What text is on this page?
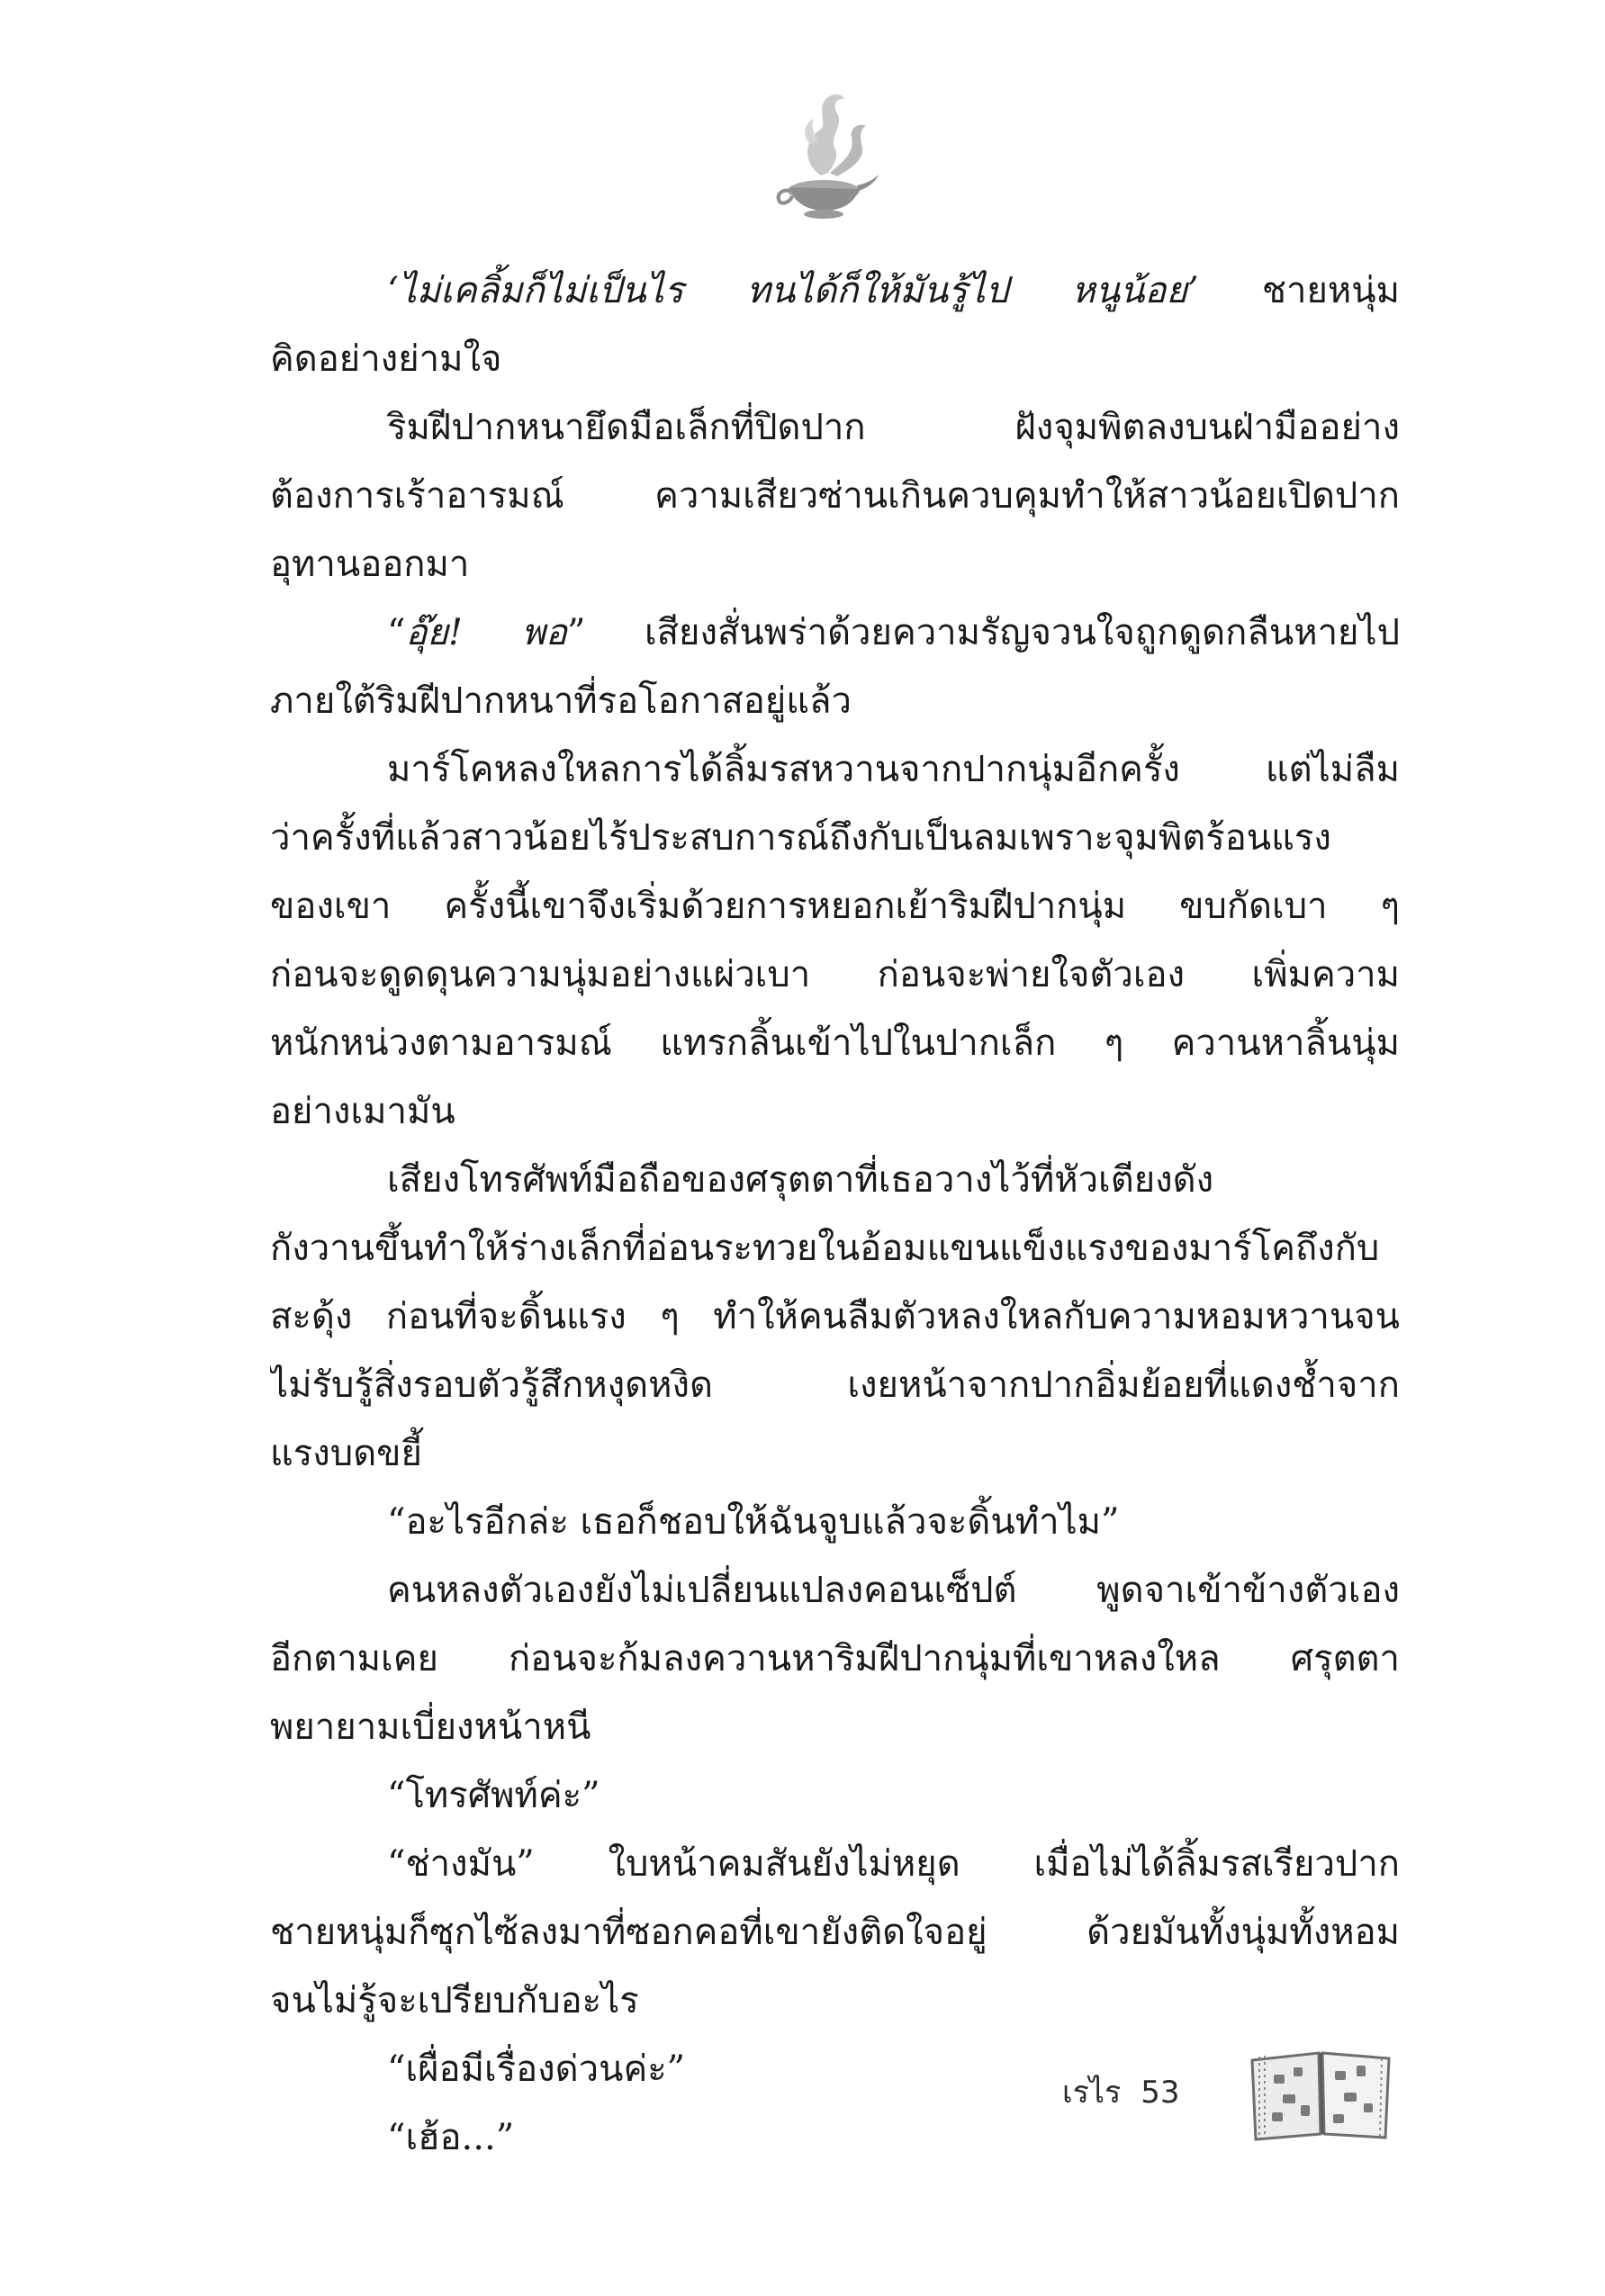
‘ไม่เคลิ้มก็ไม่เป็นไร ทนได้ก็ให้มันรู้ไป หนูน้อย’ ชายหนุ่ม
คิดอย่างย่ามใจ
ริมฝีปากหนายึดมือเล็กที่ปิดปาก ฝังจุมพิตลงบนฝ่ามืออย่าง
ต้องการเร้าอารมณ์ ความเสียวซ่านเกินควบคุมทำให้สาวน้อยเปิดปาก
อุทานออกมา
“อุ๊ย! พอ” เสียงสั่นพร่าด้วยความรัญจวนใจถูกดูดกลืนหายไป
ภายใต้ริมฝีปากหนาที่รอโอกาสอยู่แล้ว
มาร์โคหลงใหลการได้ลิ้มรสหวานจากปากนุ่มอีกครั้ง แต่ไม่ลืม
ว่าครั้งที่แล้วสาวน้อยไร้ประสบการณ์ถึงกับเป็นลมเพราะจุมพิตร้อนแรง
ของเขา ครั้งนี้เขาจึงเริ่มด้วยการหยอกเย้าริมฝีปากนุ่ม ขบกัดเบา ๆ
ก่อนจะดูดดุนความนุ่มอย่างแผ่วเบา ก่อนจะพ่ายใจตัวเอง เพิ่มความ
หนักหน่วงตามอารมณ์ แทรกลิ้นเข้าไปในปากเล็ก ๆ ควานหาลิ้นนุ่ม
อย่างเมามัน
เสียงโทรศัพท์มือถือของศรุตตาที่เธอวางไว้ที่หัวเตียงดัง
กังวานขึ้นทำให้ร่างเล็กที่อ่อนระทวยในอ้อมแขนแข็งแรงของมาร์โคถึงกับ
สะดุ้ง ก่อนที่จะดิ้นแรง ๆ ทำให้คนลืมตัวหลงใหลกับความหอมหวานจน
ไม่รับรู้สิ่งรอบตัวรู้สึกหงุดหงิด เงยหน้าจากปากอิ่มย้อยที่แดงช้ำจาก
แรงบดขยี้
“อะไรอีกล่ะ เธอก็ชอบให้ฉันจูบแล้วจะดิ้นทำไม”
คนหลงตัวเองยังไม่เปลี่ยนแปลงคอนเซ็ปต์ พูดจาเข้าข้างตัวเอง
อีกตามเคย ก่อนจะก้มลงควานหาริมฝีปากนุ่มที่เขาหลงใหล ศรุตตา
พยายามเบี่ยงหน้าหนี
“โทรศัพท์ค่ะ”
“ช่างมัน” ใบหน้าคมสันยังไม่หยุด เมื่อไม่ได้ลิ้มรสเรียวปาก
ชายหนุ่มก็ซุกไซ้ลงมาที่ซอกคอที่เขายังติดใจอยู่ ด้วยมันทั้งนุ่มทั้งหอม
จนไม่รู้จะเปรียบกับอะไร
“เผื่อมีเรื่องด่วนค่ะ”
“เฮ้อ...”
เรไร 53
